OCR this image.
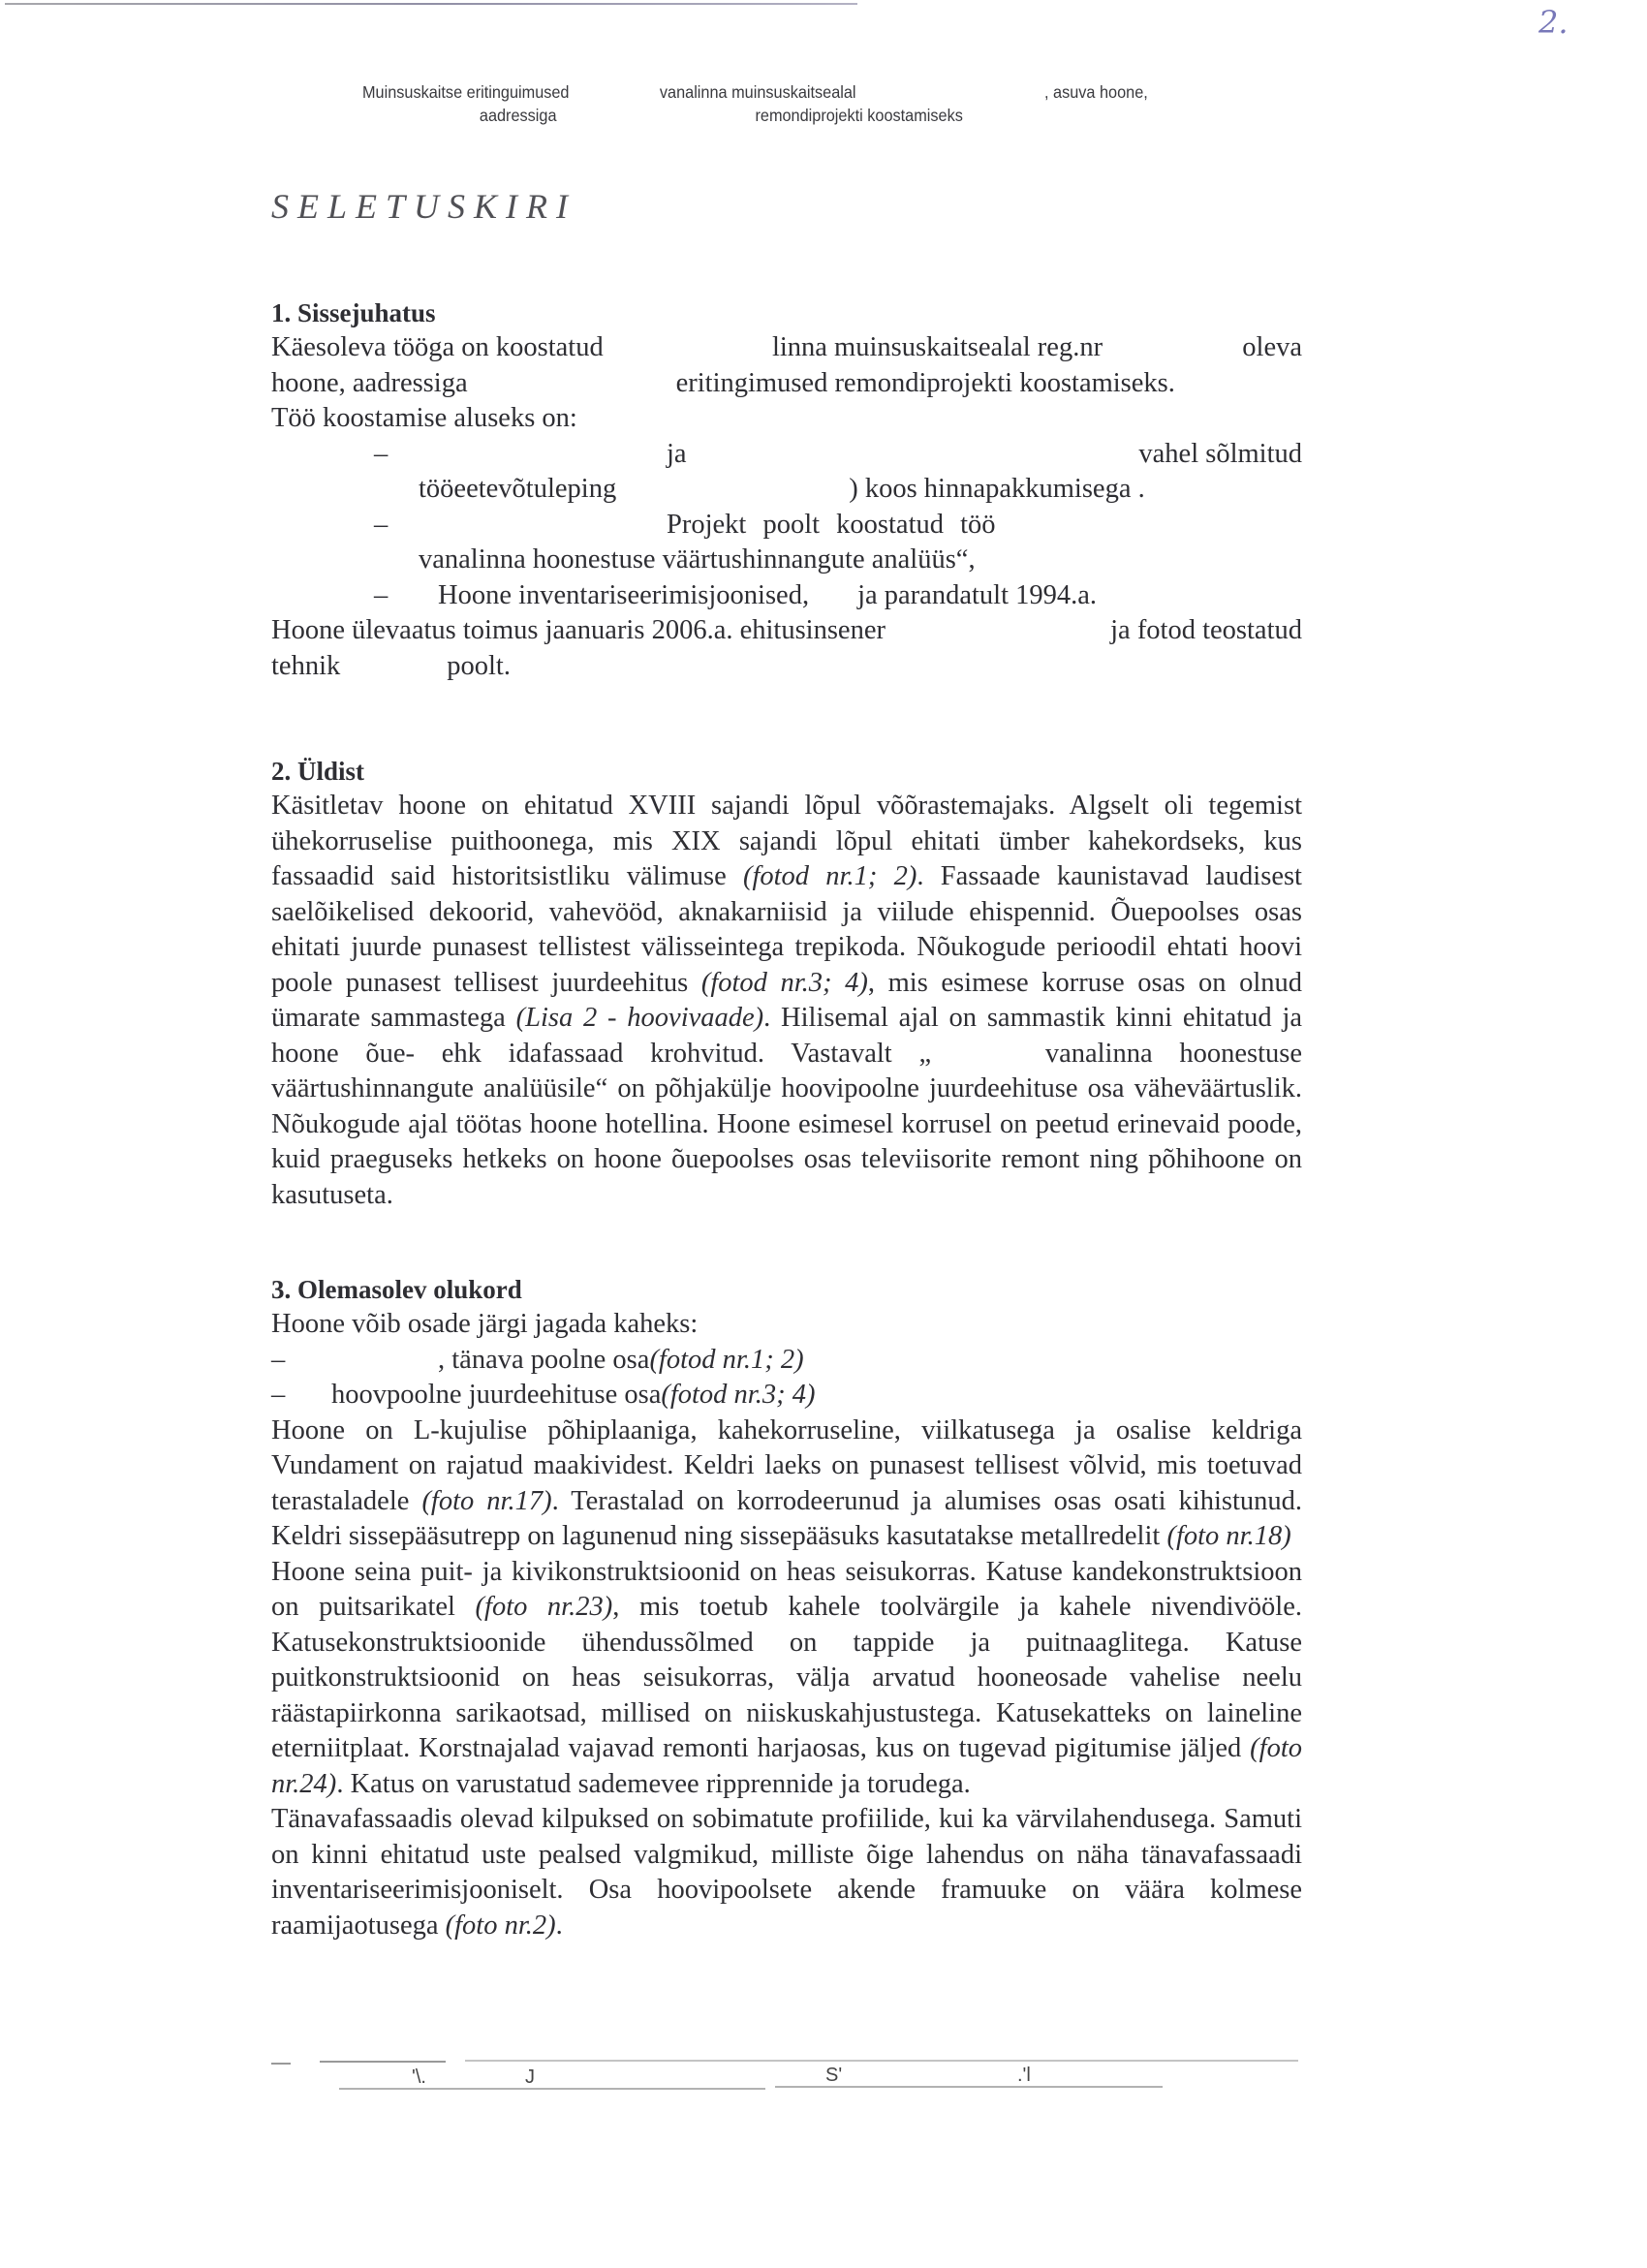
2.
Muinsuskaitse eritinguimused	vanalinna muinsuskaitsealal	, asuva hoone,
aadressiga	remondiprojekti koostamiseks
SELETUSKIRI
1. Sissejuhatus
Käesoleva tööga on koostatud	linna muinsuskaitsealal reg.nr	oleva
hoone, aadressiga	eritingimused remondiprojekti koostamiseks.
Töö koostamise aluseks on:
–	ja	vahel sõlmitud
tööeetevõtuleping	) koos hinnapakkumisega .
–	Projekt poolt koostatud töö
vanalinna hoonestuse väärtushinnangute analüüs“,
–	Hoone inventariseerimisjoonised, ja parandatult 1994.a.
Hoone ülevaatus toimus jaanuaris 2006.a. ehitusinsener	ja fotod teostatud
tehnik	poolt.
2. Üldist

Käsitletav hoone on ehitatud XVIII sajandi lõpul võõrastemajaks. Algselt oli tegemist ühekorruselise puithoonega, mis XIX sajandi lõpul ehitati ümber kahekordseks, kus fassaadid said historitsistliku välimuse (fotod nr.1; 2). Fassaade kaunistavad laudisest saelõikelised dekoorid, vahevööd, aknakarniisid ja viilude ehispennid. Õuepoolses osas ehitati juurde punasest tellistest välisseintega trepikoda. Nõukogude perioodil ehtati hoovi poole punasest tellisest juurdeehitus (fotod nr.3; 4), mis esimese korruse osas on olnud ümarate sammastega (Lisa 2 - hoovivaade). Hilisemal ajal on sammastik kinni ehitatud ja hoone õue- ehk idafassaad krohvitud. Vastavalt „	vanalinna hoonestuse väärtushinnangute analüüsile“ on põhjakülje hoovipoolne juurdeehituse osa väheväärtuslik. Nõukogude ajal töötas hoone hotellina. Hoone esimesel korrusel on peetud erinevaid poode, kuid praeguseks hetkeks on hoone õuepoolses osas televiisorite remont ning põhihoone on kasutuseta.

3. Olemasolev olukord
Hoone võib osade järgi jagada kaheks:
–	, tänava poolne osa (fotod nr.1; 2)
–	hoovpoolne juurdeehituse osa (fotod nr.3; 4)

Hoone on L-kujulise põhiplaaniga, kahekorruseline, viilkatusega ja osalise keldriga Vundament on rajatud maakividest. Keldri laeks on punasest tellisest võlvid, mis toetuvad terastaladele (foto nr.17). Terastalad on korrodeerunud ja alumises osas osati kihistunud. Keldri sissepääsutrepp on lagunenud ning sissepääsuks kasutatakse metallredelit (foto nr.18)

Hoone seina puit- ja kivikonstruktsioonid on heas seisukorras. Katuse kandekonstruktsioon on puitsarikatel (foto nr.23), mis toetub kahele toolvärgile ja kahele nivendivööle. Katusekonstruktsioonide ühendussõlmed on tappide ja puitnaaglitega. Katuse puitkonstruktsioonid on heas seisukorras, välja arvatud hooneosade vahelise neelu räästapiirkonna sarikaotsad, millised on niiskuskahjustustega. Katusekatteks on laineline eterniitplaat. Korstnajalad vajavad remonti harjaosas, kus on tugevad pigitumise jäljed (foto nr.24). Katus on varustatud sademevee ripprennide ja torudega.

Tänavafassaadis olevad kilpuksed on sobimatute profiilide, kui ka värvilahendusega. Samuti on kinni ehitatud uste pealsed valgmikud, milliste õige lahendus on näha tänavafassaadi inventariseerimisjooniselt. Osa hoovipoolsete akende framuuke on väära kolmese raamijaotusega (foto nr.2).

'\.	J	S'	.'l
